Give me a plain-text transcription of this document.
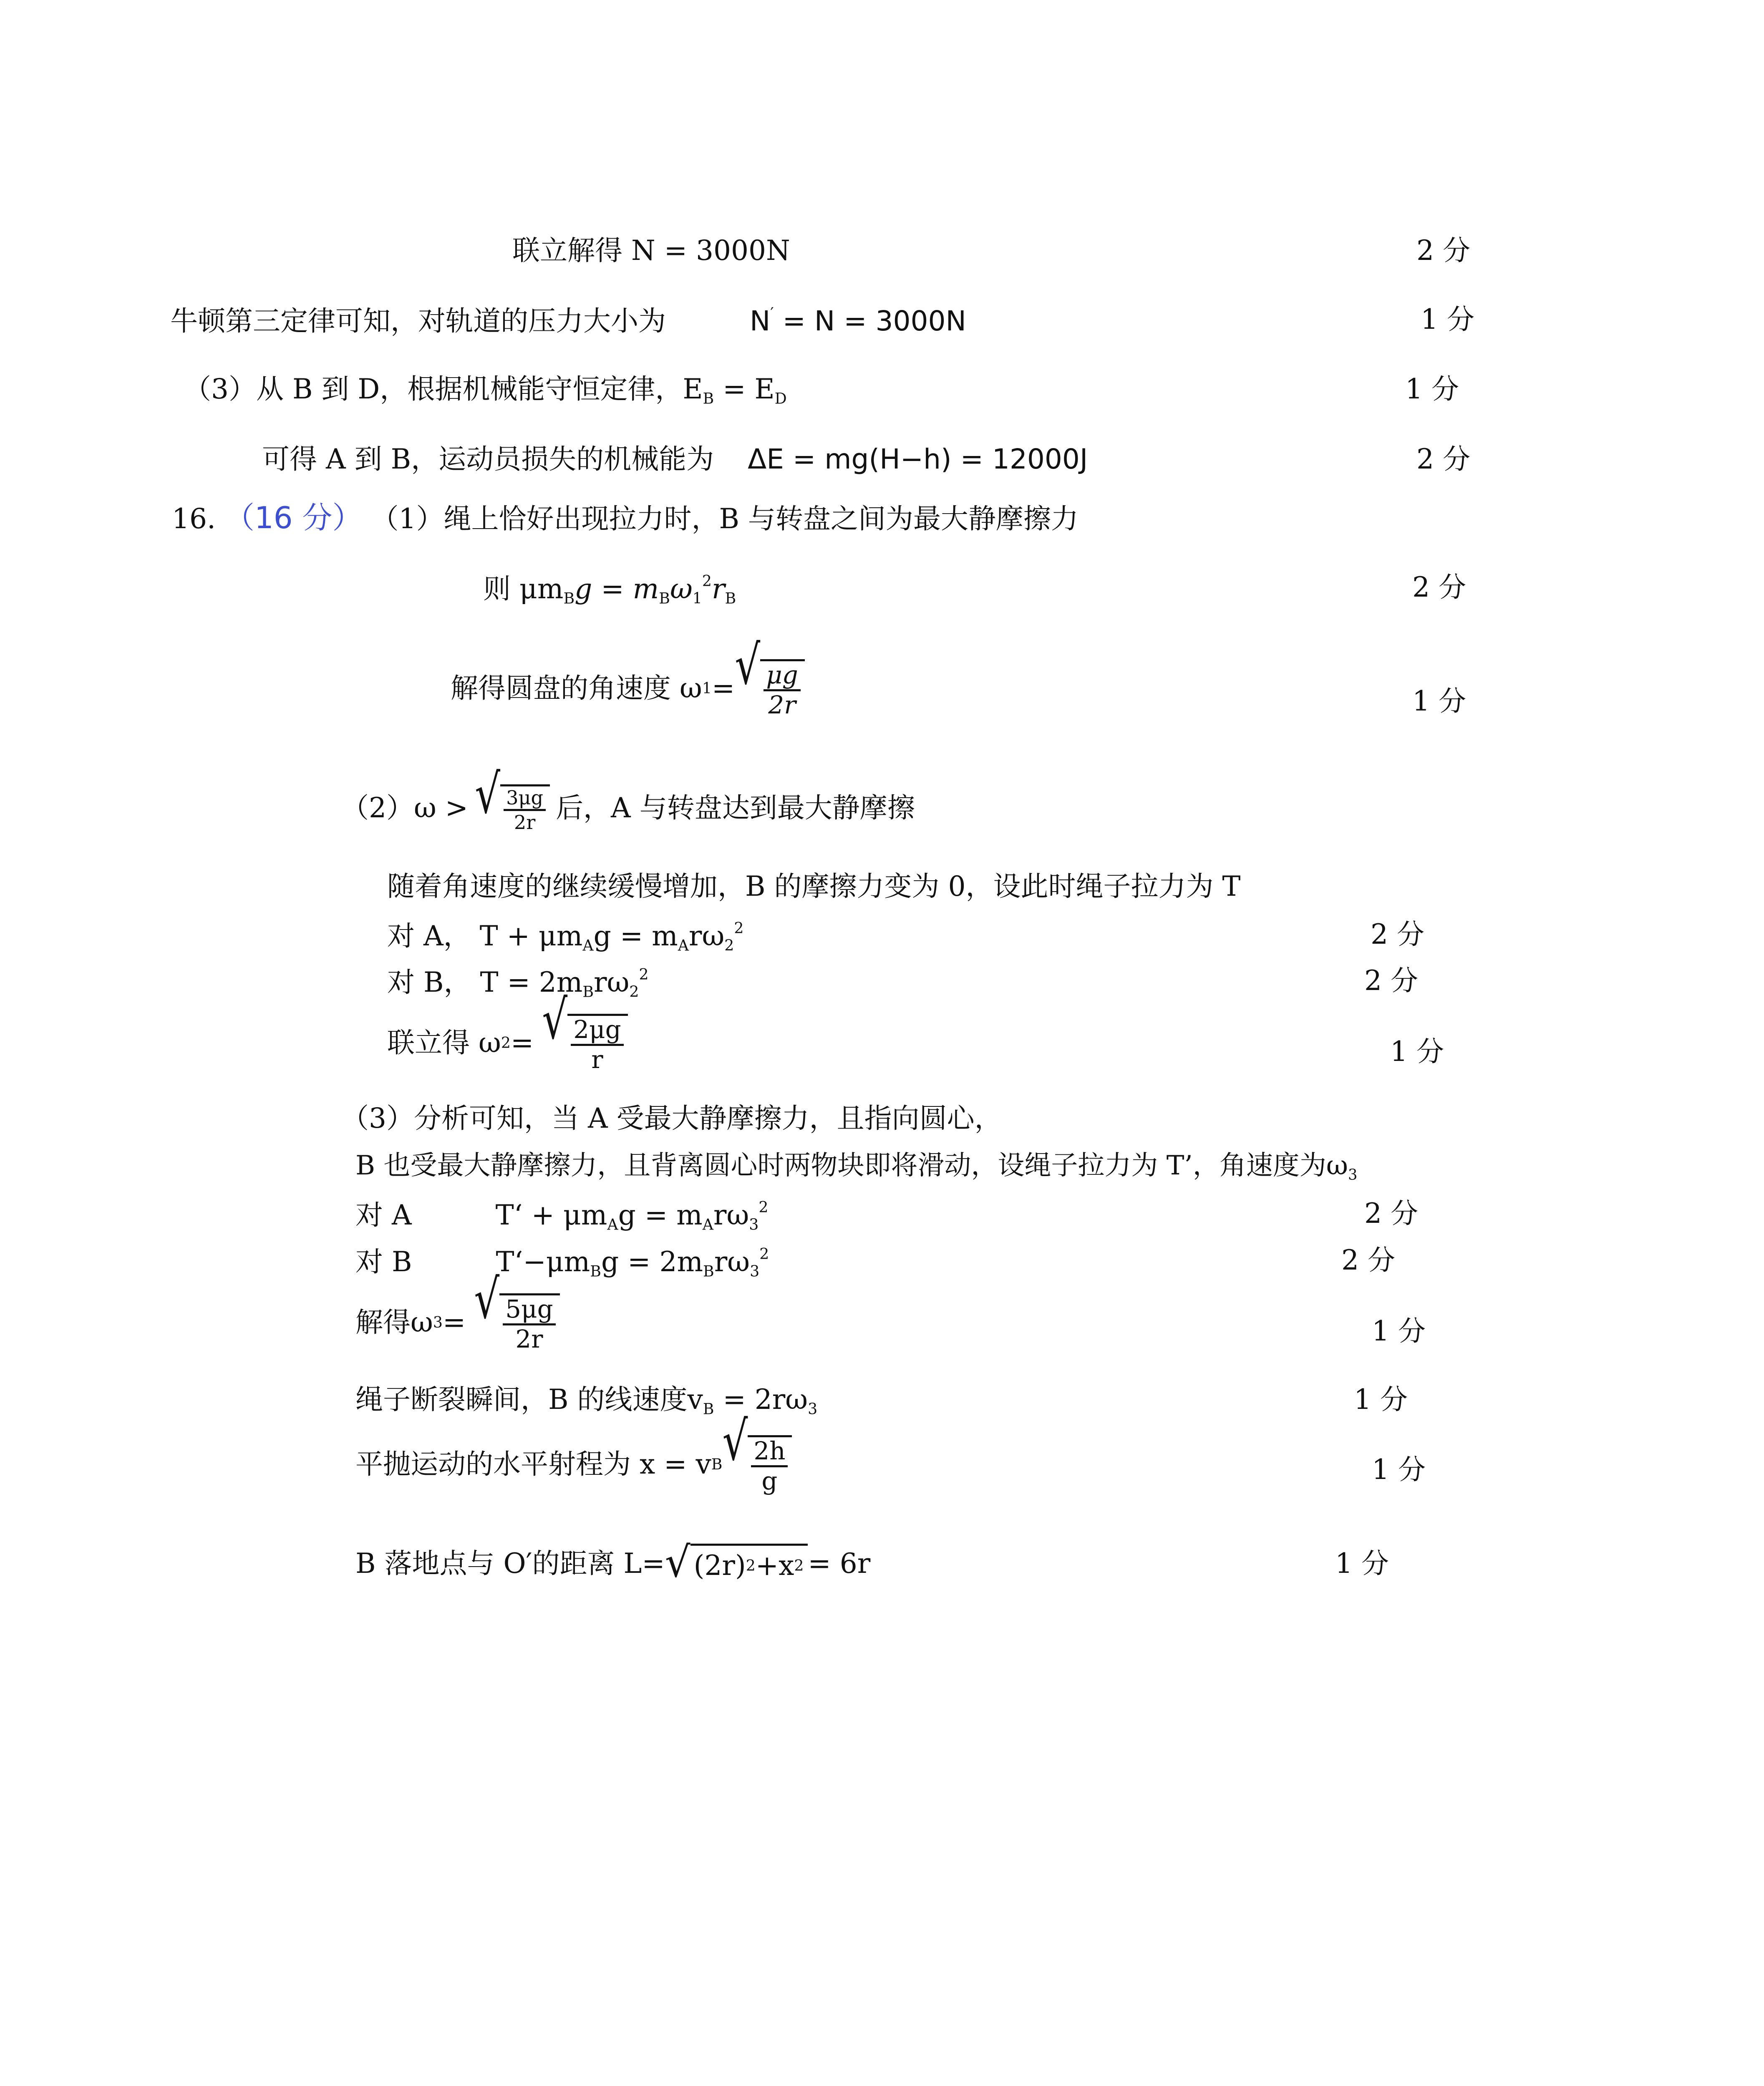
联立解得 N = 3000N	2 分
牛顿第三定律可知，对轨道的压力大小为	N′ = N = 3000N	1 分
（3）从 B 到 D，根据机械能守恒定律，$E_B = E_D$	1 分
可得 A 到 B，运动员损失的机械能为 ΔE = mg(H−h) = 12000J	2 分
16. （16 分） （1）绳上恰好出现拉力时，B 与转盘之间为最大静摩擦力
则 $\mu m_Bg = m_B\omega_1^2r_B$	2 分
解得圆盘的角速度 ω 1 = √ $\frac{\mu g}{2r}$	1 分
（2）ω > √ $\frac{3\mu g}{2r}$ 后，A 与转盘达到最大静摩擦
随着角速度的继续缓慢增加，B 的摩擦力变为 0，设此时绳子拉力为 T
对 A， $T + \mu m_Ag = m_Ar\omega_2^2$	2 分
对 B， $T = 2m_Br\omega_2^2$	2 分
联立得 ω 2 = √ $\frac{2\mu g}{r}$	1 分
（3）分析可知，当 A 受最大静摩擦力，且指向圆心，
B 也受最大静摩擦力，且背离圆心时两物块即将滑动，设绳子拉力为 T’，角速度为$\omega_3$
对 A	T‘ + $\mu m_Ag = m_Ar\omega_3^2$	2 分
对 B	$T‘-\mu m_Bg = 2m_Br\omega_3^2$	2 分
解得ω 3 = √ $\frac{5\mu g}{2r}$	1 分
绳子断裂瞬间，B 的线速度$v_B = 2r\omega_3$	1 分
平抛运动的水平射程为 x = v B √ $\frac{2h}{g}$	1 分
B 落地点与 O′的距离 L= √ (2r) 2 +x 2 = 6r	1 分
